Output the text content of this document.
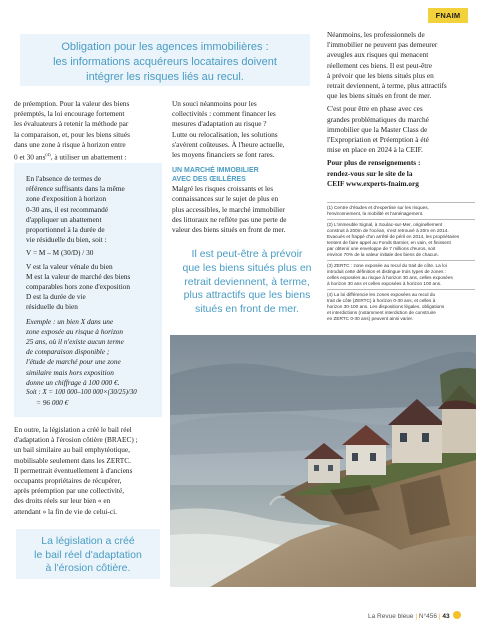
FNAIM
Obligation pour les agences immobilières :
les informations acquéreurs locataires doivent
intégrer les risques liés au recul.
de préemption. Pour la valeur des biens
préemptés, la loi encourage fortement
les évaluateurs à retenir la méthode par
la comparaison, et, pour les biens situés
dans une zone à risque à horizon entre
0 et 30 ans$^{(4)}$, à utiliser un abattement :
En l'absence de termes de
référence suffisants dans la même
zone d'exposition à horizon
0-30 ans, il est recommandé
d'appliquer un abattement
proportionnel à la durée de
vie résiduelle du bien, soit :
V = M – M (30/D) / 30
V est la valeur vénale du bien
M est la valeur de marché des biens
comparables hors zone d'exposition
D est la durée de vie
résiduelle du bien
Exemple : un bien X dans une
zone exposée au risque à horizon
25 ans, où il n'existe aucun terme
de comparaison disponible ;
l'étude de marché pour une zone
similaire mais hors exposition
donne un chiffrage à 100 000 €.
Soit : X = 100 000–100 000×(30/25)/30
= 96 000 €
En outre, la législation a créé le bail réel
d'adaptation à l'érosion côtière (BRAEC) ;
un bail similaire au bail emphytéotique,
mobilisable seulement dans les ZERTC.
Il permettrait éventuellement à d'anciens
occupants propriétaires de récupérer,
après préemption par une collectivité,
des droits réels sur leur bien « en
attendant » la fin de vie de celui-ci.
La législation a créé
le bail réel d'adaptation
à l'érosion côtière.
Un souci néanmoins pour les
collectivités : comment financer les
mesures d'adaptation au risque ?
Lutte ou relocalisation, les solutions
s'avèrent coûteuses. À l'heure actuelle,
les moyens financiers se font rares.
UN MARCHÉ IMMOBILIER
AVEC DES ŒILLÈRES
Malgré les risques croissants et les
connaissances sur le sujet de plus en
plus accessibles, le marché immobilier
des littoraux ne reflète pas une perte de
valeur des biens situés en front de mer.
Il est peut-être à prévoir
que les biens situés plus en
retrait deviennent, à terme,
plus attractifs que les biens
situés en front de mer.
Néanmoins, les professionnels de
l'immobilier ne peuvent pas demeurer
aveugles aux risques qui menacent
réellement ces biens. Il est peut-être
à prévoir que les biens situés plus en
retrait deviennent, à terme, plus attractifs
que les biens situés en front de mer.
C'est pour être en phase avec ces
grandes problématiques du marché
immobilier que la Master Class de
l'Expropriation et Préemption à été
mise en place en 2024 à la CEIF.
Pour plus de renseignements :
rendez-vous sur le site de la
CEIF www.experts-fnaim.org
(1) Centre d'études et d'expertise sur les risques,
l'environnement, la mobilité et l'aménagement.
(2) L'immeuble Signal, à Soulac-sur-Mer, originellement
construit à 200m de l'océan, s'est retrouvé à 20m en 2014.
Evacués et frappé d'un arrêté de péril en 2014, les propriétaires
tentent de faire appel au Fonds Barnier, en vain, et finissent
par obtenir une enveloppe de 7 millions d'euros, soit
environ 70% de la valeur initiale des biens de chacun.
(3) ZERTC : zone exposée au recul du trait de côte. La loi
introduit cette définition et distingue trois types de zones :
celles exposées au risque à horizon 30 ans, celles exposées
à horizon 30 ans et celles exposées à horizon 100 ans.
(4) La loi différencie les zones exposées au recul du
trait de côte (ZERTC) à horizon 0-30 ans, et celles à
horizon 30-100 ans. Les dispositions légales, obligations
et interdictions (notamment interdiction de construire
en ZERTC 0-30 ans) peuvent ainsi varier.
La Revue bleue | N°456 | 43
